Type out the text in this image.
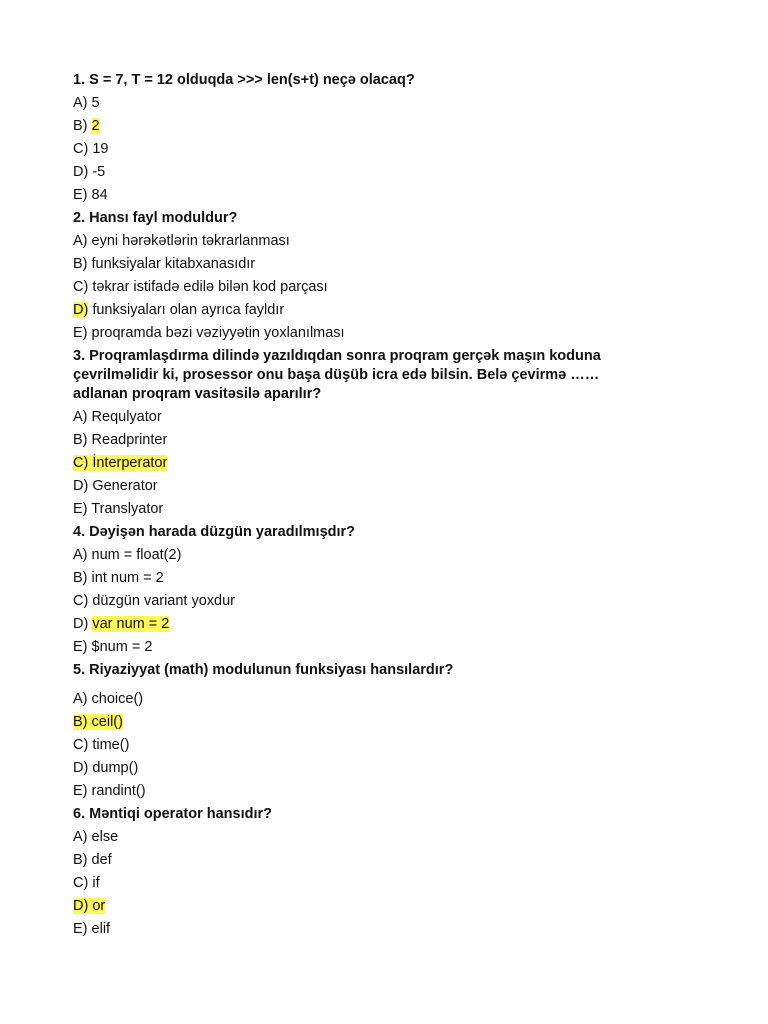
1. S = 7, T = 12 olduqda >>> len(s+t) neçə olacaq?

A) 5
B) 2
C) 19
D) -5
E) 84

2. Hansı fayl moduldur?

A) eyni hərəkətlərin təkrarlanması
B) funksiyalar kitabxanasıdır
C) təkrar istifadə edilə bilən kod parçası
D) funksiyaları olan ayrıca fayldır
E) proqramda bəzi vəziyyətin yoxlanılması

3. Proqramlaşdırma dilində yazıldıqdan sonra proqram gerçək maşın koduna
çevrilməlidir ki, prosessor onu başa düşüb icra edə bilsin. Belə çevirmə ……
adlanan proqram vasitəsilə aparılır?

A) Requlyator
B) Readprinter
C) İnterperator
D) Generator
E) Translyator

4. Dəyişən harada düzgün yaradılmışdır?

A) num = float(2)
B) int num = 2
C) düzgün variant yoxdur
D) var num = 2
E) $num = 2

5. Riyaziyyat (math) modulunun funksiyası hansılardır?

A) choice()
B) ceil()
C) time()
D) dump()
E) randint()

6. Məntiqi operator hansıdır?

A) else
B) def
C) if
D) or
E) elif
